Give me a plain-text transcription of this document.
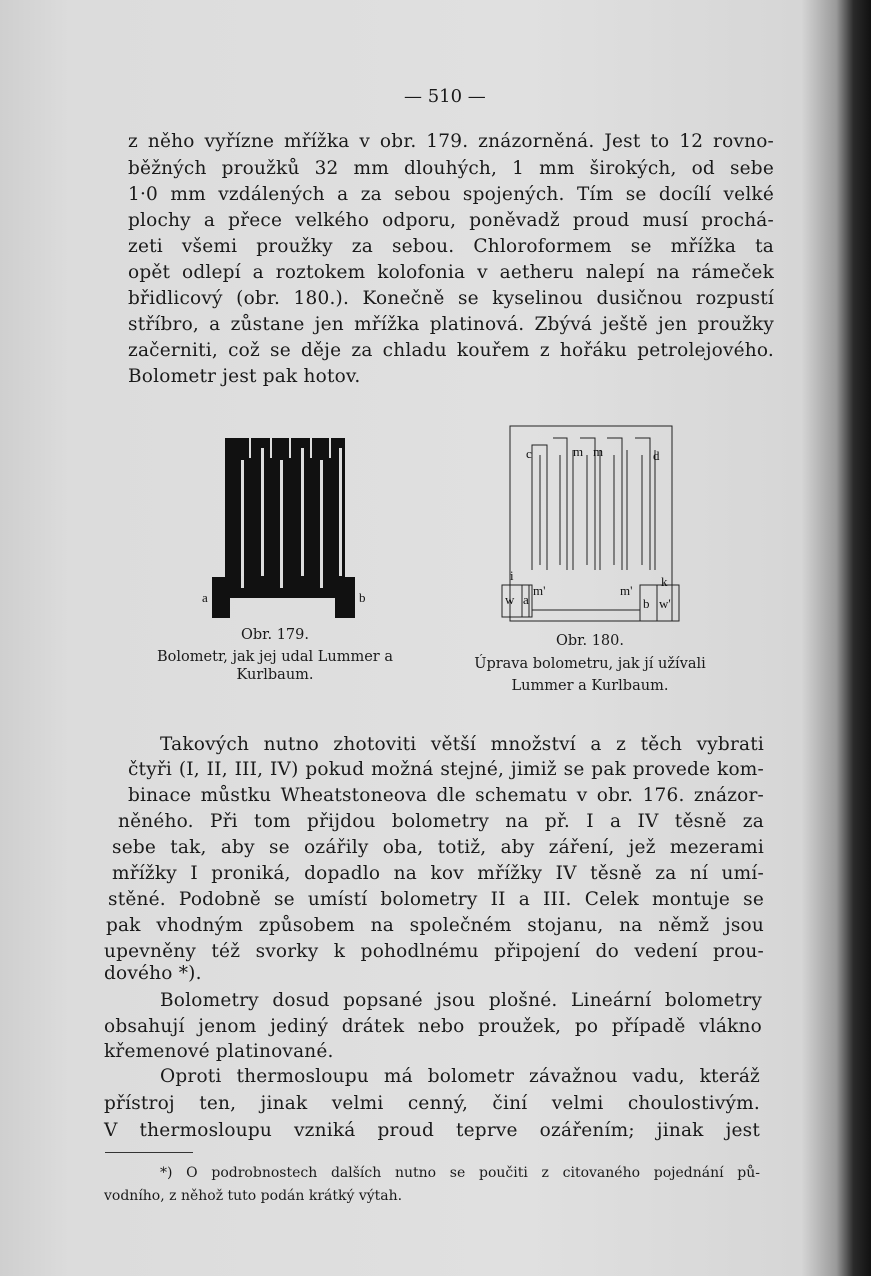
— 510 —
z něho vyřízne mřížka v obr. 179. znázorněná. Jest to 12 rovno-
běžných proužků 32 mm dlouhých, 1 mm širokých, od sebe
1·0 mm vzdálených a za sebou spojených. Tím se docílí velké
plochy a přece velkého odporu, poněvadž proud musí prochá-
zeti všemi proužky za sebou. Chloroformem se mřížka ta
opět odlepí a roztokem kolofonia v aetheru nalepí na rámeček
břidlicový (obr. 180.). Konečně se kyselinou dusičnou rozpustí
stříbro, a zůstane jen mřížka platinová. Zbývá ještě jen proužky
začerniti, což se děje za chladu kouřem z hořáku petrolejového.
Bolometr jest pak hotov.
a	b
Obr. 179.
Bolometr, jak jej udal Lummer a
Kurlbaum.
c	m m	d
i	k
w a
m'	m'
b w'
Obr. 180.
Úprava bolometru, jak jí užívali
Lummer a Kurlbaum.
Takových nutno zhotoviti větší množství a z těch vybrati
čtyři (I, II, III, IV) pokud možná stejné, jimiž se pak provede kom-
binace můstku Wheatstoneova dle schematu v obr. 176. znázor-
něného. Při tom přijdou bolometry na př. I a IV těsně za
sebe tak, aby se ozářily oba, totiž, aby záření, jež mezerami
mřížky I proniká, dopadlo na kov mřížky IV těsně za ní umí-
stěné. Podobně se umístí bolometry II a III. Celek montuje se
pak vhodným způsobem na společném stojanu, na němž jsou
upevněny též svorky k pohodlnému připojení do vedení prou-
dového *).
Bolometry dosud popsané jsou plošné. Lineární bolometry
obsahují jenom jediný drátek nebo proužek, po případě vlákno
křemenové platinované.
Oproti thermosloupu má bolometr závažnou vadu, kteráž
přístroj ten, jinak velmi cenný, činí velmi choulostivým.
V thermosloupu vzniká proud teprve ozářením; jinak jest
*) O podrobnostech dalších nutno se poučiti z citovaného pojednání pů-
vodního, z něhož tuto podán krátký výtah.
